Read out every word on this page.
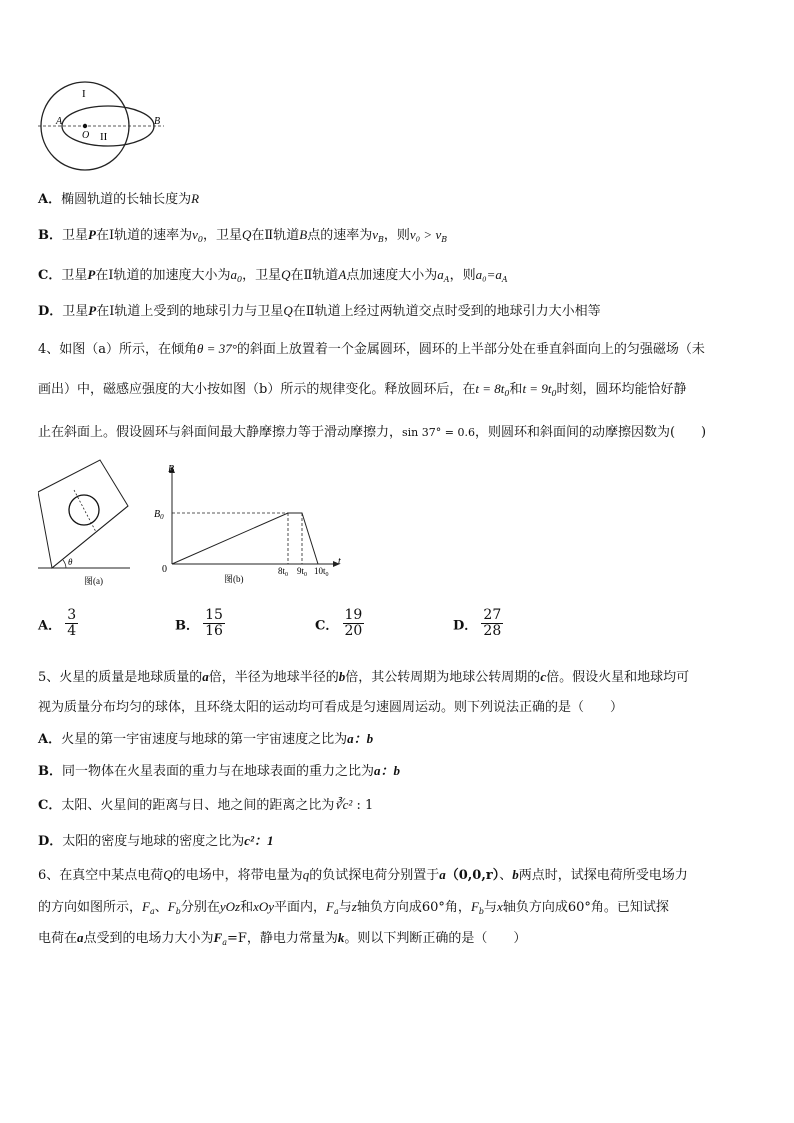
I
A
O II
B
A．椭圆轨道的长轴长度为R
B．卫星P在Ⅰ轨道的速率为$v_0$，卫星Q在Ⅱ轨道B点的速率为$v_B$，则$v_0 > v_B$
C．卫星P在Ⅰ轨道的加速度大小为$a_0$，卫星Q在Ⅱ轨道A点加速度大小为$a_A$，则$a_0=a_A$
D．卫星P在Ⅰ轨道上受到的地球引力与卫星Q在Ⅱ轨道上经过两轨道交点时受到的地球引力大小相等
4、如图（a）所示，在倾角θ = 37°的斜面上放置着一个金属圆环，圆环的上半部分处在垂直斜面向上的匀强磁场（未
画出）中，磁感应强度的大小按如图（b）所示的规律变化。释放圆环后，在$t = 8t_0$和$t = 9t_0$时刻，圆环均能恰好静
止在斜面上。假设圆环与斜面间最大静摩擦力等于滑动摩擦力，sin 37° = 0.6，则圆环和斜面间的动摩擦因数为(　　)
θ
图(a)
B
$B_0$
0
t
$8t_0$ $9t_0$ $10t_0$
图(b)
A． $\frac{3}{4}$	B． $\frac{15}{16}$	C． $\frac{19}{20}$	D． $\frac{27}{28}$
5、火星的质量是地球质量的a倍，半径为地球半径的b倍，其公转周期为地球公转周期的c倍。假设火星和地球均可
视为质量分布均匀的球体，且环绕太阳的运动均可看成是匀速圆周运动。则下列说法正确的是（　　）
A．火星的第一宇宙速度与地球的第一宇宙速度之比为a：b
B．同一物体在火星表面的重力与在地球表面的重力之比为a：b
C．太阳、火星间的距离与日、地之间的距离之比为∛c² : 1
D．太阳的密度与地球的密度之比为c²：1
6、在真空中某点电荷Q的电场中，将带电量为q的负试探电荷分别置于a（0,0,r）、b两点时，试探电荷所受电场力
的方向如图所示，$F_a$、$F_b$分别在yOz和xOy平面内，$F_a$与z轴负方向成60°角，$F_b$与x轴负方向成60°角。已知试探
电荷在a点受到的电场力大小为$F_a=F$，静电力常量为k。则以下判断正确的是（　　）
